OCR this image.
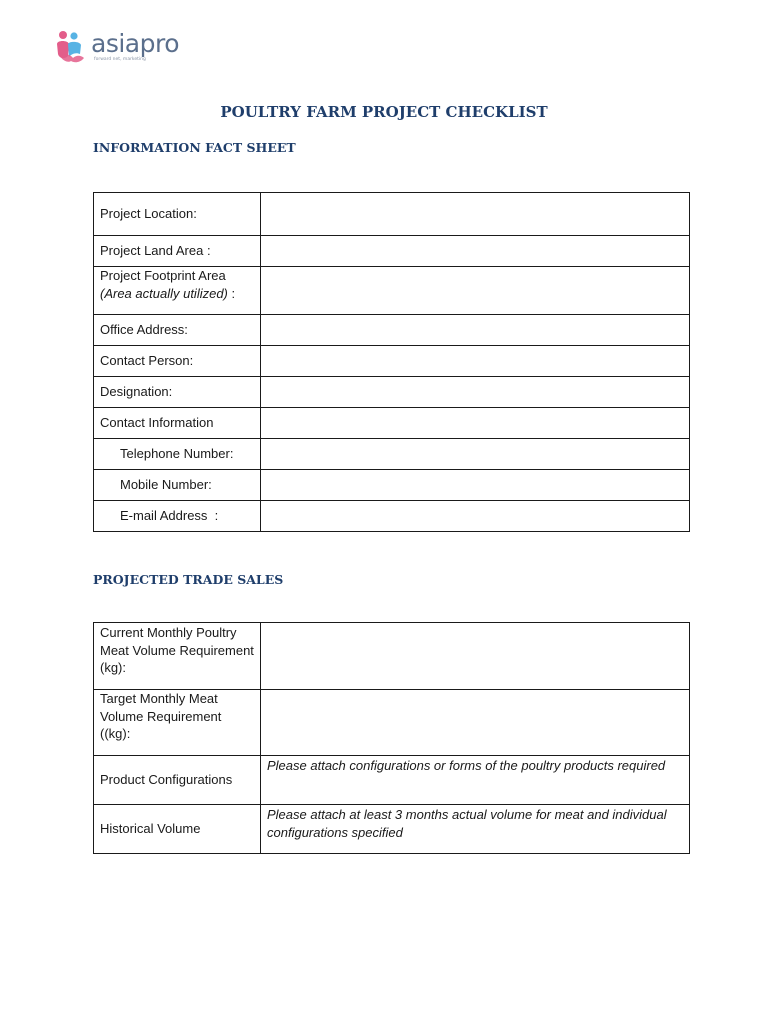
asiapro
forward net, marketing
POULTRY FARM PROJECT CHECKLIST
INFORMATION FACT SHEET
Project Location:	
Project Land Area :	
Project Footprint Area
(Area actually utilized) :	
Office Address:	
Contact Person:	
Designation:	
Contact Information	
Telephone Number:	
Mobile Number:	
E-mail Address  :	
PROJECTED TRADE SALES
Current Monthly Poultry Meat Volume Requirement (kg):	
Target Monthly Meat Volume Requirement ((kg):	
Product Configurations	Please attach configurations or forms of the poultry products required
Historical Volume	Please attach at least 3 months actual volume for meat and individual configurations specified
